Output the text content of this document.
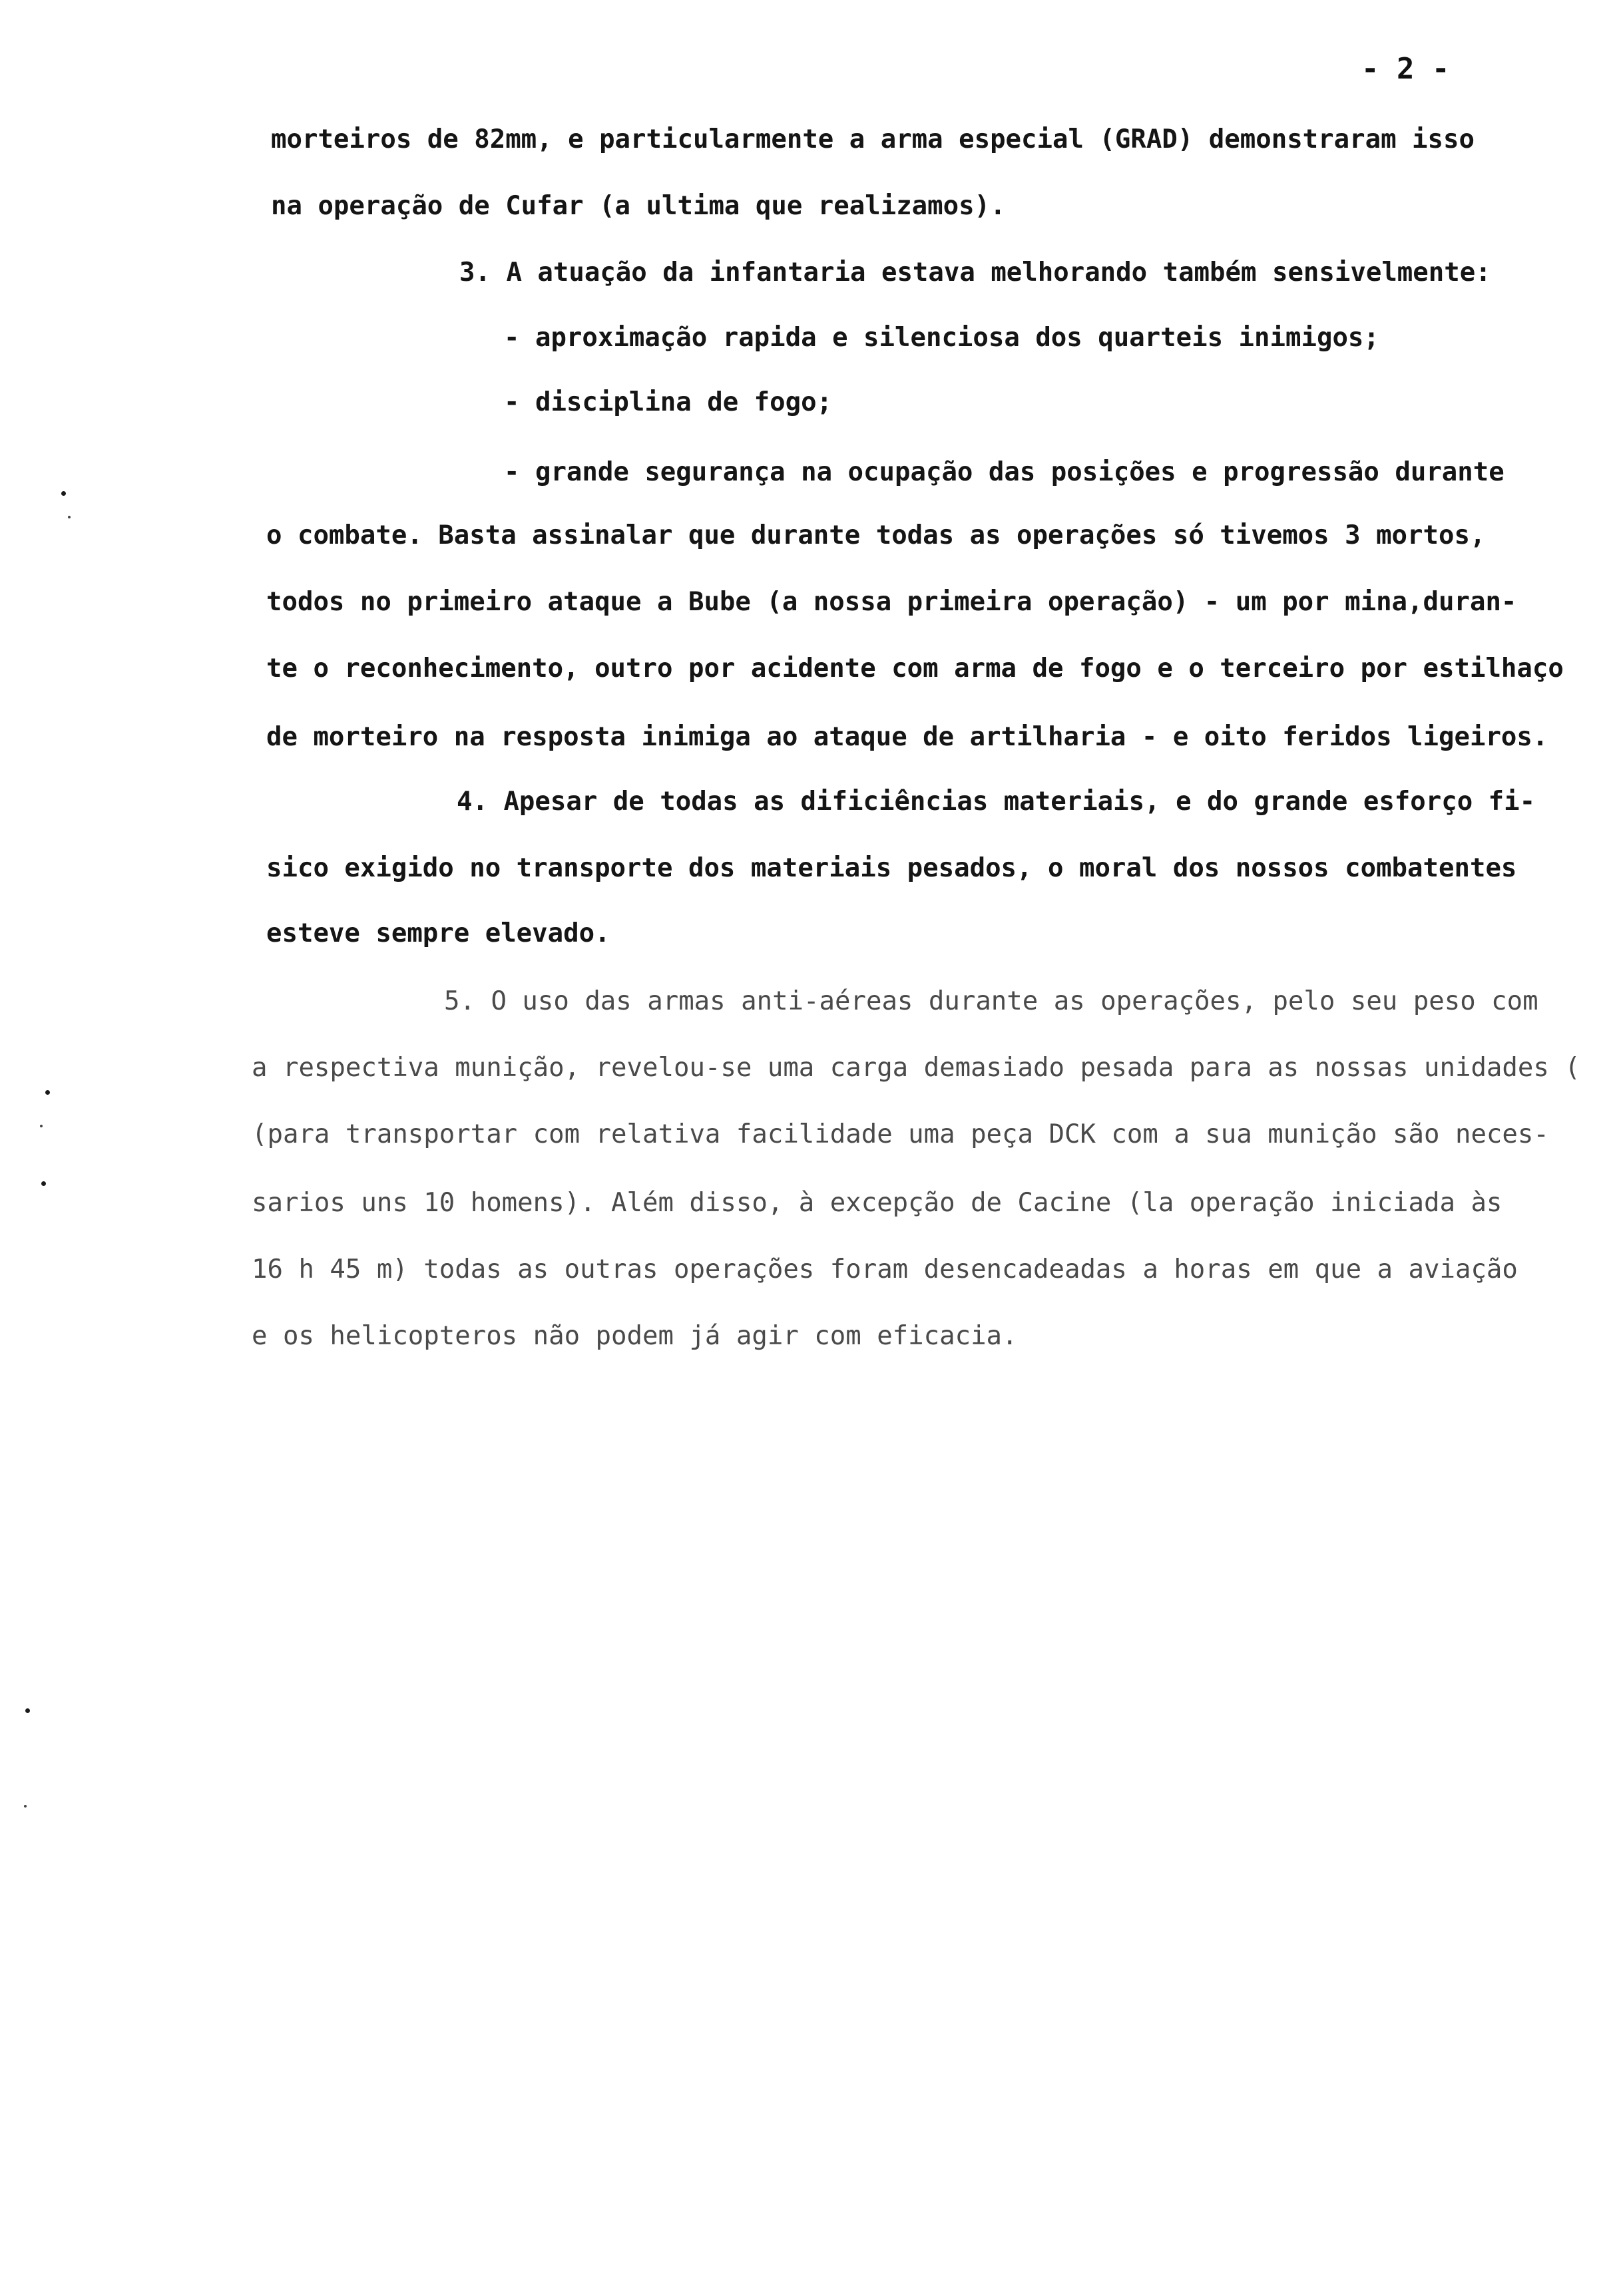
- 2 -
morteiros de 82mm, e particularmente a arma especial (GRAD) demonstraram isso
na operação de Cufar (a ultima que realizamos).
3. A atuação da infantaria estava melhorando também sensivelmente:
- aproximação rapida e silenciosa dos quarteis inimigos;
- disciplina de fogo;
- grande segurança na ocupação das posições e progressão durante
o combate. Basta assinalar que durante todas as operações só tivemos 3 mortos,
todos no primeiro ataque a Bube (a nossa primeira operação) - um por mina,duran-
te o reconhecimento, outro por acidente com arma de fogo e o terceiro por estilhaço
de morteiro na resposta inimiga ao ataque de artilharia - e oito feridos ligeiros.
4. Apesar de todas as dificiências materiais, e do grande esforço fi-
sico exigido no transporte dos materiais pesados, o moral dos nossos combatentes
esteve sempre elevado.
5. O uso das armas anti-aéreas durante as operações, pelo seu peso com
a respectiva munição, revelou-se uma carga demasiado pesada para as nossas unidades (
(para transportar com relativa facilidade uma peça DCK com a sua munição são neces-
sarios uns 10 homens). Além disso, à excepção de Cacine (la operação iniciada às
16 h 45 m) todas as outras operações foram desencadeadas a horas em que a aviação
e os helicopteros não podem já agir com eficacia.
